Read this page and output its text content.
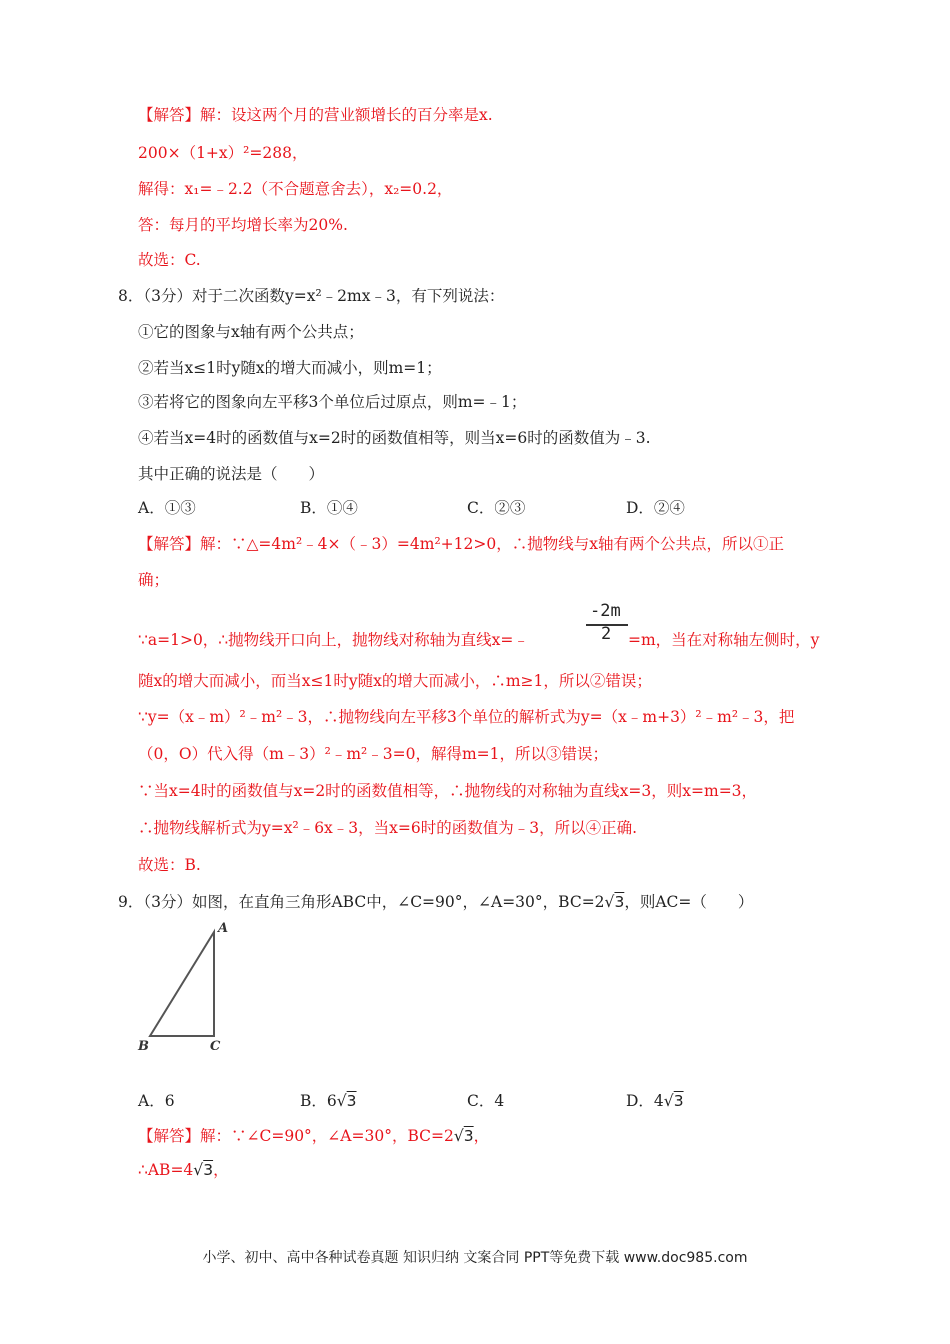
【解答】解：设这两个月的营业额增长的百分率是x.
200×（1+x）²=288，
解得：x₁=﹣2.2（不合题意舍去），x₂=0.2，
答：每月的平均增长率为20%.
故选：C.
8．（3分）对于二次函数y=x²﹣2mx﹣3，有下列说法：
①它的图象与x轴有两个公共点；
②若当x≤1时y随x的增大而减小，则m=1；
③若将它的图象向左平移3个单位后过原点，则m=﹣1；
④若当x=4时的函数值与x=2时的函数值相等，则当x=6时的函数值为﹣3.
其中正确的说法是（　　）
A．①③	B．①④	C．②③	D．②④
【解答】解：∵△=4m²﹣4×（﹣3）=4m²+12>0，∴抛物线与x轴有两个公共点，所以①正
确；
∵a=1>0，∴抛物线开口向上，抛物线对称轴为直线x=﹣
-2m
2 =m，当在对称轴左侧时，y
随x的增大而减小，而当x≤1时y随x的增大而减小，∴m≥1，所以②错误；
∵y=（x﹣m）²﹣m²﹣3，∴抛物线向左平移3个单位的解析式为y=（x﹣m+3）²﹣m²﹣3，把
（0，O）代入得（m﹣3）²﹣m²﹣3=0，解得m=1，所以③错误；
∵当x=4时的函数值与x=2时的函数值相等，∴抛物线的对称轴为直线x=3，则x=m=3，
∴抛物线解析式为y=x²﹣6x﹣3，当x=6时的函数值为﹣3，所以④正确.
故选：B.
9．（3分）如图，在直角三角形ABC中，∠C=90°，∠A=30°，BC=2√3，则AC=（　　）
A
B	C
A．6	B．6√3	C．4	D．4√3
【解答】解：∵∠C=90°，∠A=30°，BC=2√3，
∴AB=4√3，
小学、初中、高中各种试卷真题 知识归纳 文案合同 PPT等免费下载 www.doc985.com
